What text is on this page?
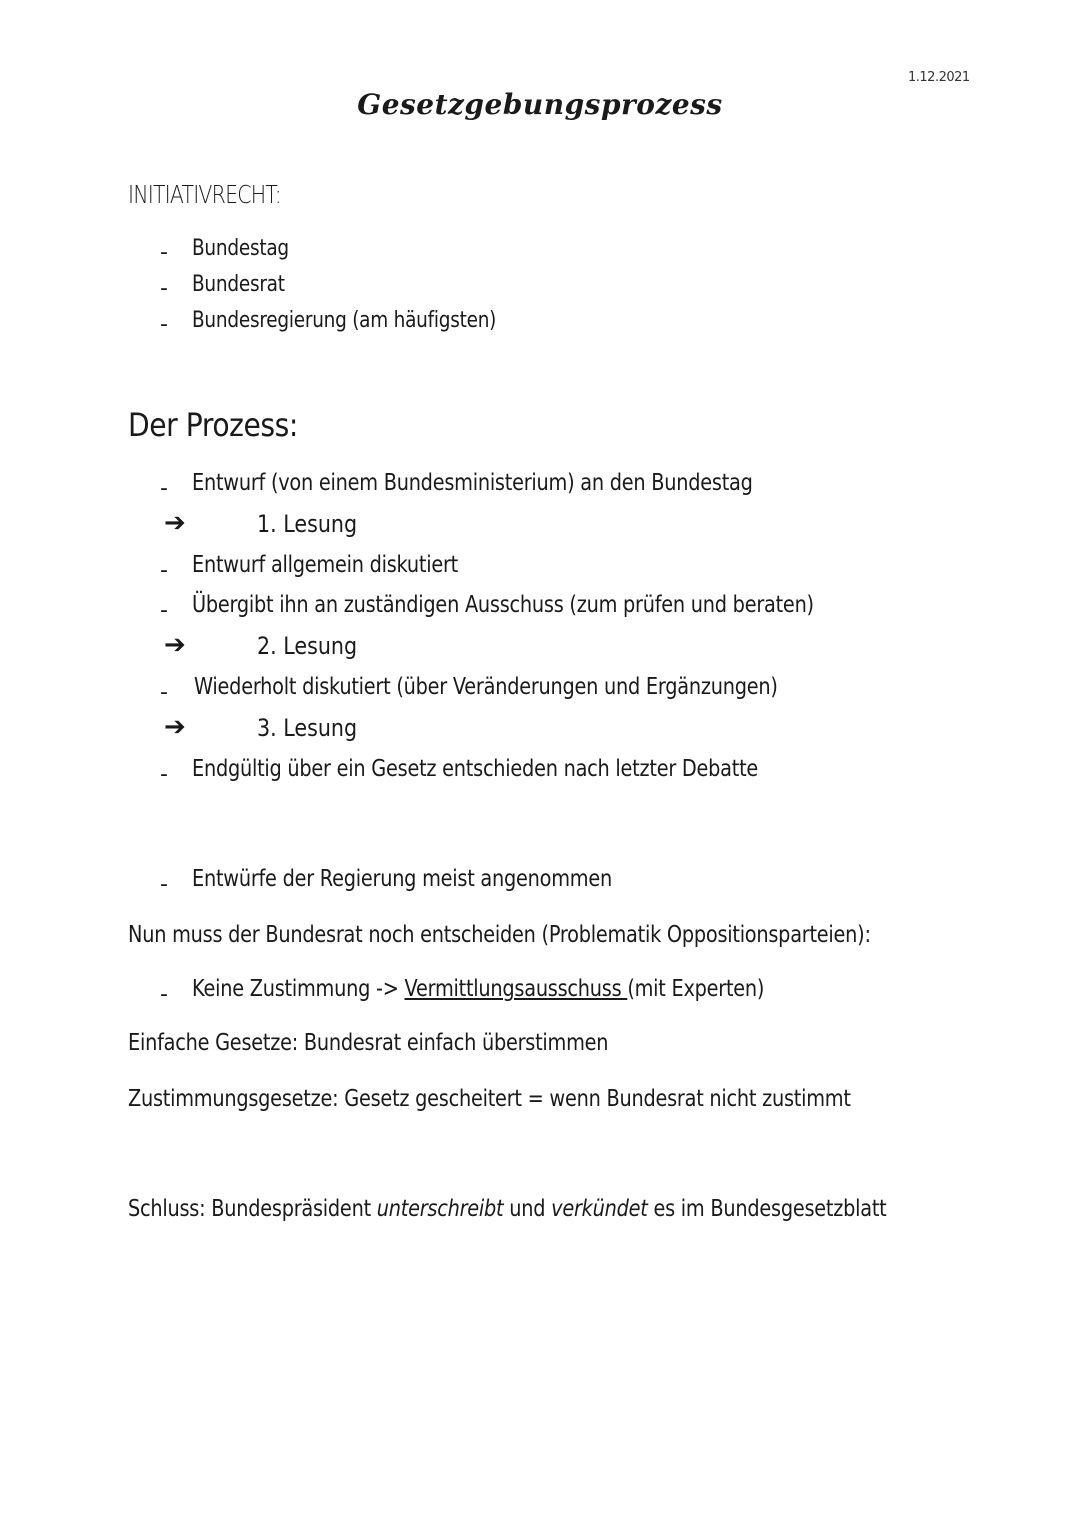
1.12.2021
Gesetzgebungsprozess
INITIATIVRECHT:
-	Bundestag
-	Bundesrat
-	Bundesregierung (am häufigsten)
Der Prozess:
-	Entwurf (von einem Bundesministerium) an den Bundestag
➔	1. Lesung
-	Entwurf allgemein diskutiert
-	Übergibt ihn an zuständigen Ausschuss (zum prüfen und beraten)
➔	2. Lesung
-	Wiederholt diskutiert (über Veränderungen und Ergänzungen)
➔	3. Lesung
-	Endgültig über ein Gesetz entschieden nach letzter Debatte
-	Entwürfe der Regierung meist angenommen
Nun muss der Bundesrat noch entscheiden (Problematik Oppositionsparteien):
-	Keine Zustimmung -> Vermittlungsausschuss (mit Experten)
Einfache Gesetze: Bundesrat einfach überstimmen
Zustimmungsgesetze: Gesetz gescheitert = wenn Bundesrat nicht zustimmt
Schluss: Bundespräsident unterschreibt und verkündet es im Bundesgesetzblatt
